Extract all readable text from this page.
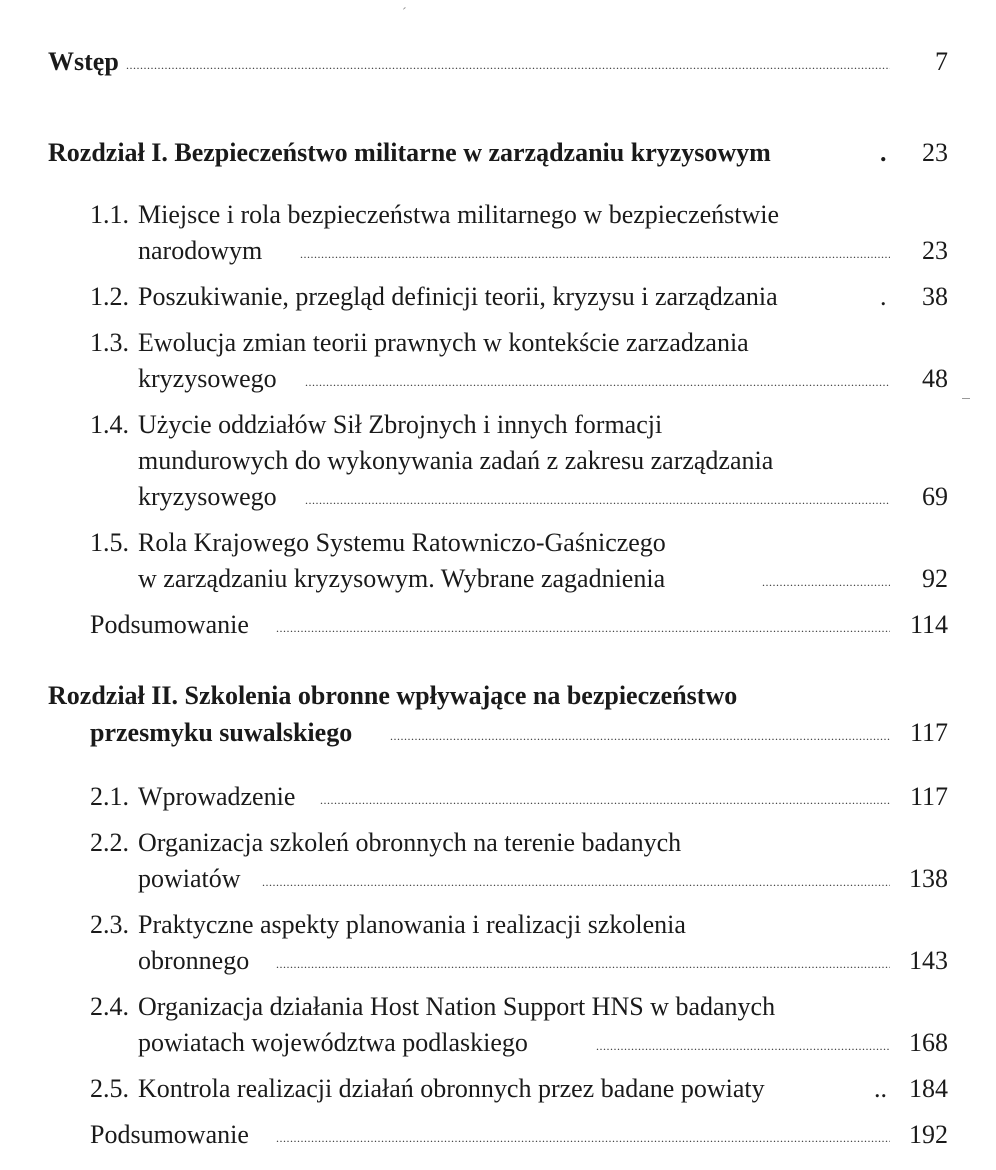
´
Wstęp .....	7
Rozdział I. Bezpieczeństwo militarne w zarządzaniu kryzysowym	. 23
1.1. Miejsce i rola bezpieczeństwa militarnego w bezpieczeństwie
narodowym .....	23
1.2. Poszukiwanie, przegląd definicji teorii, kryzysu i zarządzania	. 38
1.3. Ewolucja zmian teorii prawnych w kontekście zarzadzania
kryzysowego .....	48
1.4. Użycie oddziałów Sił Zbrojnych i innych formacji
mundurowych do wykonywania zadań z zakresu zarządzania
kryzysowego .....	69
1.5. Rola Krajowego Systemu Ratowniczo-Gaśniczego
w zarządzaniu kryzysowym. Wybrane zagadnienia .....	92
Podsumowanie .....	114
Rozdział II. Szkolenia obronne wpływające na bezpieczeństwo
przesmyku suwalskiego .....	117
2.1. Wprowadzenie .....	117
2.2. Organizacja szkoleń obronnych na terenie badanych
powiatów .....	138
2.3. Praktyczne aspekty planowania i realizacji szkolenia
obronnego .....	143
2.4. Organizacja działania Host Nation Support HNS w badanych
powiatach województwa podlaskiego .....	168
2.5. Kontrola realizacji działań obronnych przez badane powiaty	.. 184
Podsumowanie .....	192
